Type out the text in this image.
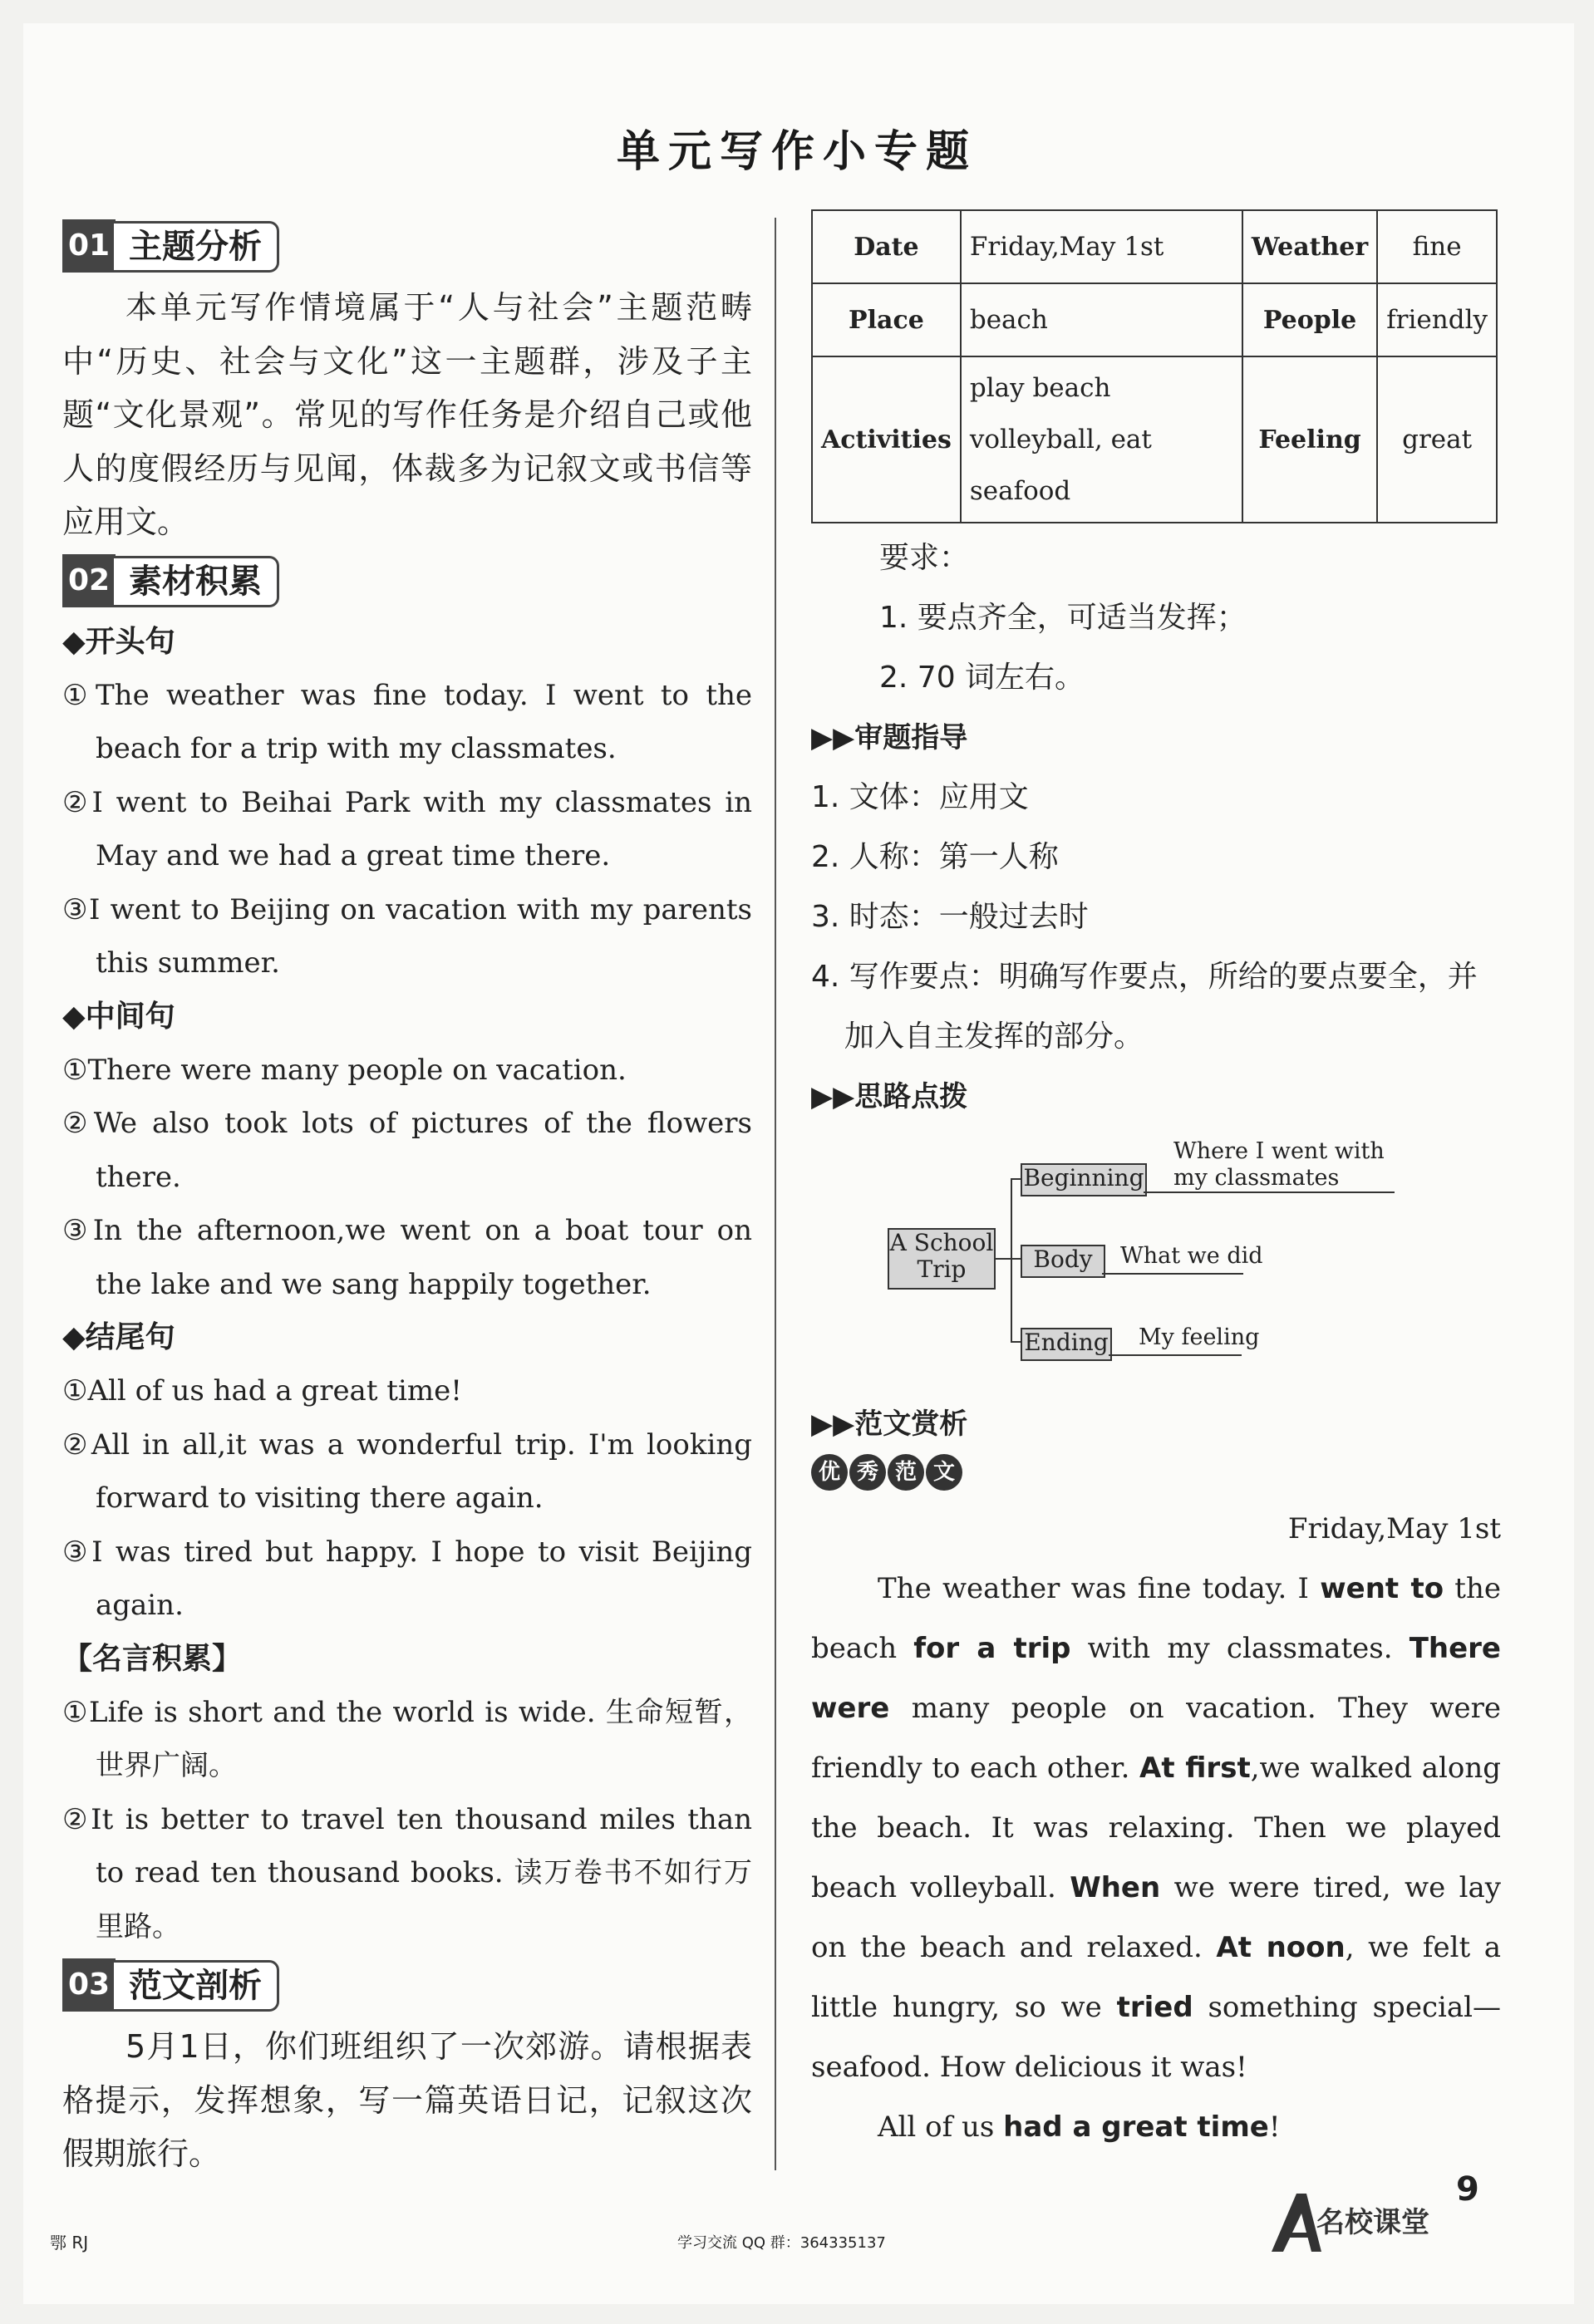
单元写作小专题
01 主题分析

本单元写作情境属于“人与社会”主题范畴中“历史、社会与文化”这一主题群，涉及子主题“文化景观”。常见的写作任务是介绍自己或他人的度假经历与见闻，体裁多为记叙文或书信等应用文。

02 素材积累
◆开头句

①The weather was fine today. I went to the beach for a trip with my classmates.

②I went to Beihai Park with my classmates in May and we had a great time there.

③I went to Beijing on vacation with my parents this summer.

◆中间句

①There were many people on vacation.

②We also took lots of pictures of the flowers there.

③In the afternoon,we went on a boat tour on the lake and we sang happily together.

◆结尾句

①All of us had a great time!

②All in all,it was a wonderful trip. I'm looking forward to visiting there again.

③I was tired but happy. I hope to visit Beijing again.

【名言积累】

①Life is short and the world is wide. 生命短暂，世界广阔。

②It is better to travel ten thousand miles than to read ten thousand books. 读万卷书不如行万里路。

03 范文剖析

5月1日，你们班组织了一次郊游。请根据表格提示，发挥想象，写一篇英语日记，记叙这次假期旅行。

Date	Friday,May 1st	Weather	fine
Place	beach	People	friendly
Activities	play beach volleyball, eat seafood	Feeling	great
要求：
1. 要点齐全，可适当发挥；
2. 70 词左右。
▶▶审题指导
1. 文体：应用文
2. 人称：第一人称
3. 时态：一般过去时
4. 写作要点：明确写作要点，所给的要点要全，并加入自主发挥的部分。
▶▶思路点拨
A School Trip
Beginning
Where I went with my classmates
Body	What we did
Ending My feeling
▶▶范文赏析
优 秀 范 文
Friday,May 1st

The weather was fine today. I went to the beach for a trip with my classmates. There were many people on vacation. They were friendly to each other. At first,we walked along the beach. It was relaxing. Then we played beach volleyball. When we were tired, we lay on the beach and relaxed. At noon, we felt a little hungry, so we tried something special—seafood. How delicious it was!

All of us had a great time!

鄂 RJ	学习交流 QQ 群：364335137
名校课堂
9
